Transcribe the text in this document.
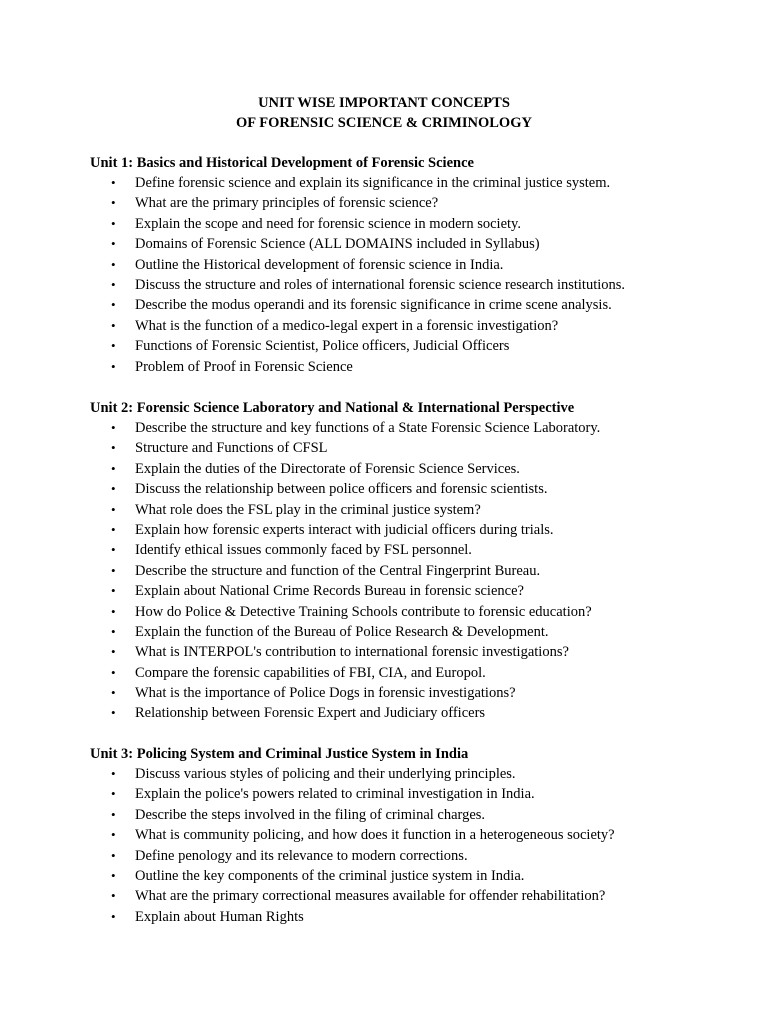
UNIT WISE IMPORTANT CONCEPTS
OF FORENSIC SCIENCE & CRIMINOLOGY
Unit 1: Basics and Historical Development of Forensic Science
• Define forensic science and explain its significance in the criminal justice system.
• What are the primary principles of forensic science?
• Explain the scope and need for forensic science in modern society.
• Domains of Forensic Science (ALL DOMAINS included in Syllabus)
• Outline the Historical development of forensic science in India.
• Discuss the structure and roles of international forensic science research institutions.
• Describe the modus operandi and its forensic significance in crime scene analysis.
• What is the function of a medico-legal expert in a forensic investigation?
• Functions of Forensic Scientist, Police officers, Judicial Officers
• Problem of Proof in Forensic Science
Unit 2: Forensic Science Laboratory and National & International Perspective
• Describe the structure and key functions of a State Forensic Science Laboratory.
• Structure and Functions of CFSL
• Explain the duties of the Directorate of Forensic Science Services.
• Discuss the relationship between police officers and forensic scientists.
• What role does the FSL play in the criminal justice system?
• Explain how forensic experts interact with judicial officers during trials.
• Identify ethical issues commonly faced by FSL personnel.
• Describe the structure and function of the Central Fingerprint Bureau.
• Explain about National Crime Records Bureau in forensic science?
• How do Police & Detective Training Schools contribute to forensic education?
• Explain the function of the Bureau of Police Research & Development.
• What is INTERPOL's contribution to international forensic investigations?
• Compare the forensic capabilities of FBI, CIA, and Europol.
• What is the importance of Police Dogs in forensic investigations?
• Relationship between Forensic Expert and Judiciary officers
Unit 3: Policing System and Criminal Justice System in India
• Discuss various styles of policing and their underlying principles.
• Explain the police's powers related to criminal investigation in India.
• Describe the steps involved in the filing of criminal charges.
• What is community policing, and how does it function in a heterogeneous society?
• Define penology and its relevance to modern corrections.
• Outline the key components of the criminal justice system in India.
• What are the primary correctional measures available for offender rehabilitation?
• Explain about Human Rights
